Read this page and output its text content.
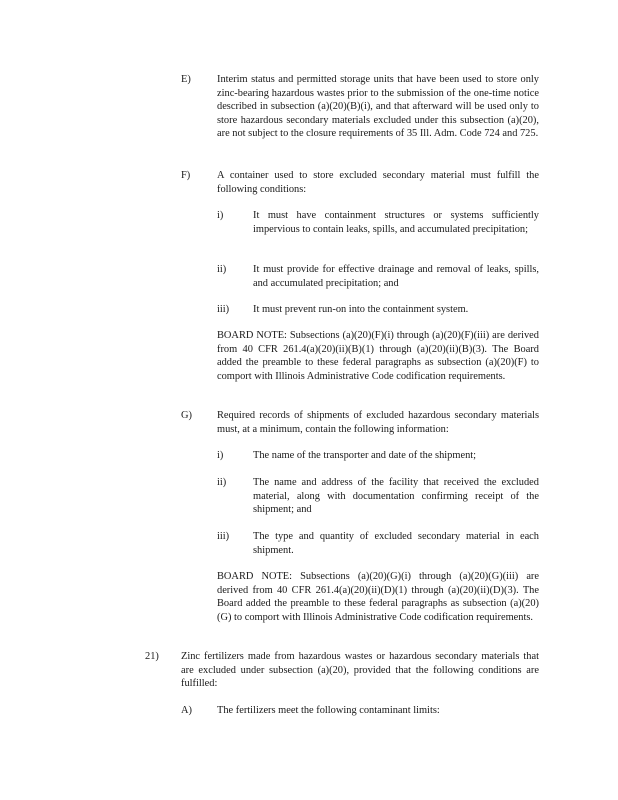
E)	Interim status and permitted storage units that have been used to store only zinc-bearing hazardous wastes prior to the submission of the one-time notice described in subsection (a)(20)(B)(i), and that afterward will be used only to store hazardous secondary materials excluded under this subsection (a)(20), are not subject to the closure requirements of 35 Ill. Adm. Code 724 and 725.
F)	A container used to store excluded secondary material must fulfill the following conditions:
i)	It must have containment structures or systems sufficiently impervious to contain leaks, spills, and accumulated precipitation;
ii)	It must provide for effective drainage and removal of leaks, spills, and accumulated precipitation; and
iii) It must prevent run-on into the containment system.
BOARD NOTE: Subsections (a)(20)(F)(i) through (a)(20)(F)(iii) are derived from 40 CFR 261.4(a)(20)(ii)(B)(1) through (a)(20)(ii)(B)(3). The Board added the preamble to these federal paragraphs as subsection (a)(20)(F) to comport with Illinois Administrative Code codification requirements.
G) Required records of shipments of excluded hazardous secondary materials must, at a minimum, contain the following information:
i)	The name of the transporter and date of the shipment;
ii)	The name and address of the facility that received the excluded material, along with documentation confirming receipt of the shipment; and
iii) The type and quantity of excluded secondary material in each shipment.
BOARD NOTE: Subsections (a)(20)(G)(i) through (a)(20)(G)(iii) are derived from 40 CFR 261.4(a)(20)(ii)(D)(1) through (a)(20)(ii)(D)(3). The Board added the preamble to these federal paragraphs as subsection (a)(20)(G) to comport with Illinois Administrative Code codification requirements.
21) Zinc fertilizers made from hazardous wastes or hazardous secondary materials that are excluded under subsection (a)(20), provided that the following conditions are fulfilled:
A) The fertilizers meet the following contaminant limits:
